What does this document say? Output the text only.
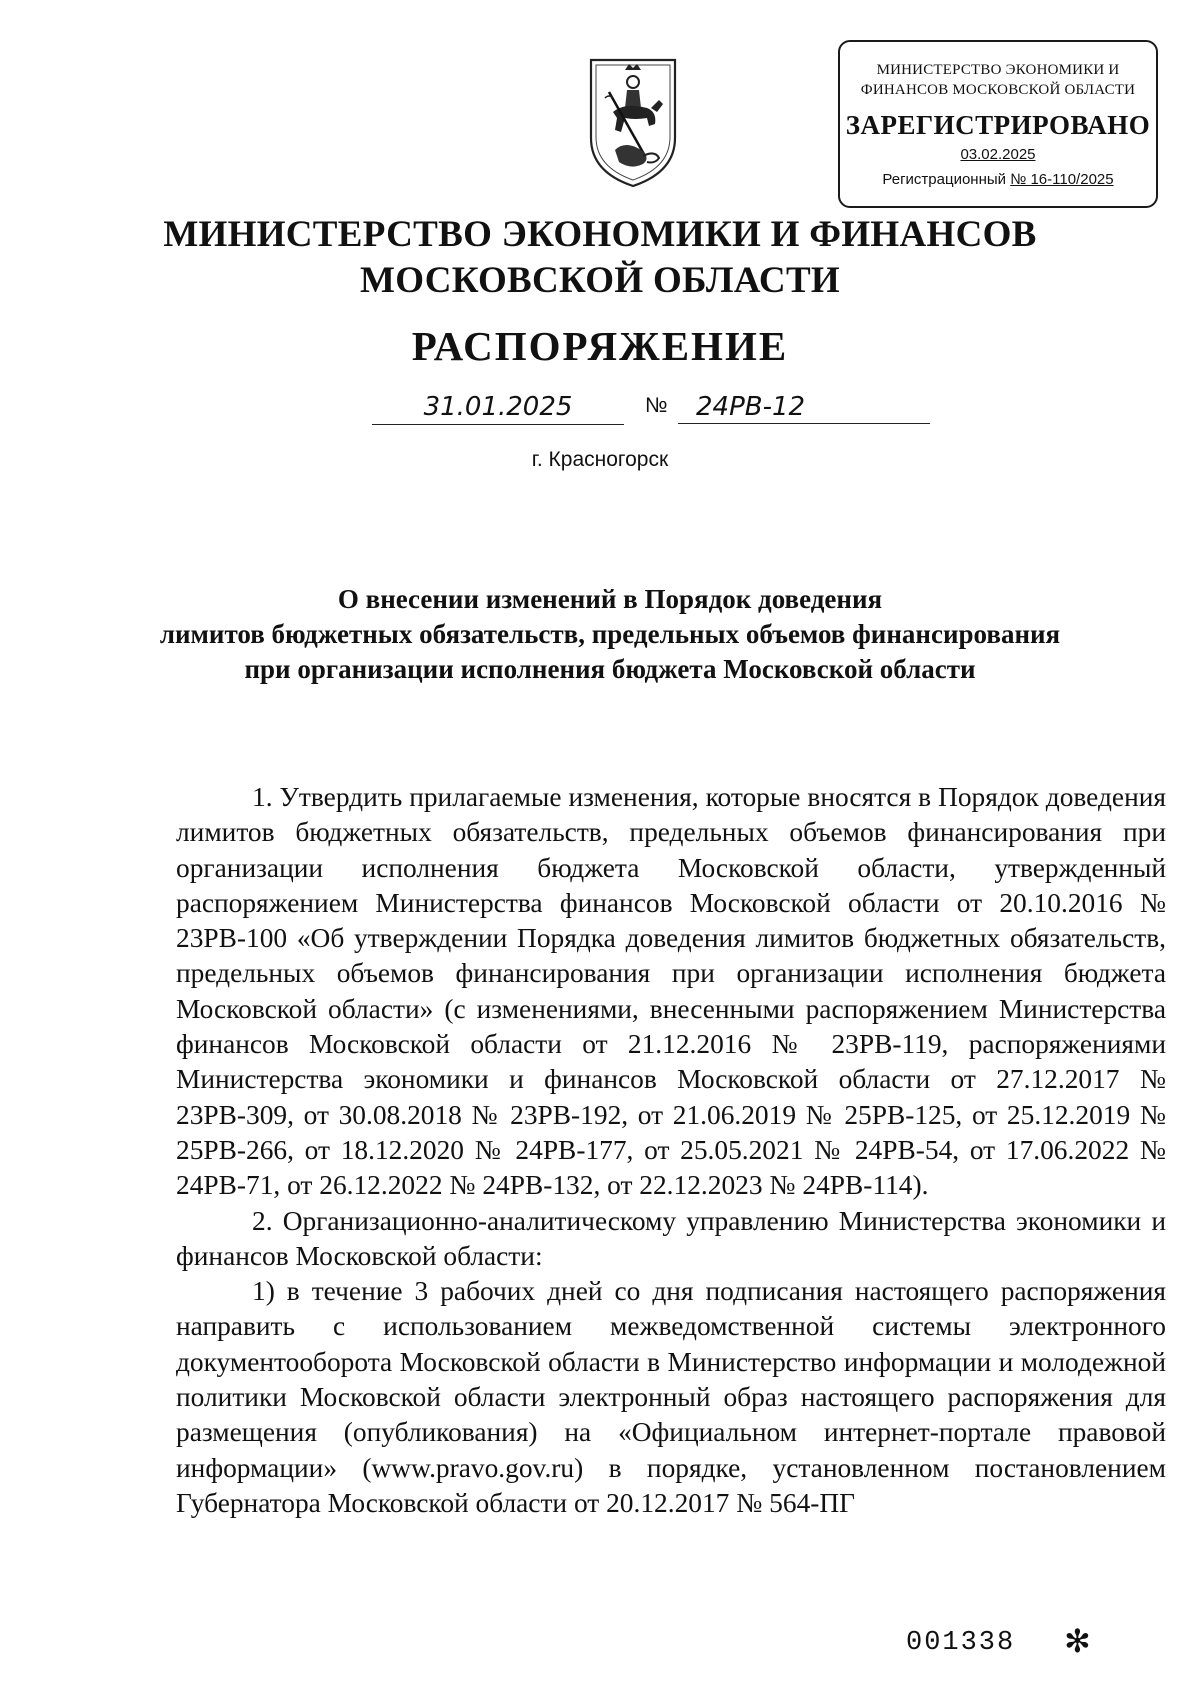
МИНИСТЕРСТВО ЭКОНОМИКИ И
ФИНАНСОВ МОСКОВСКОЙ ОБЛАСТИ
ЗАРЕГИСТРИРОВАНО
03.02.2025
Регистрационный № 16-110/2025
МИНИСТЕРСТВО ЭКОНОМИКИ И ФИНАНСОВ
МОСКОВСКОЙ ОБЛАСТИ
РАСПОРЯЖЕНИЕ
31.01.2025	№	24РВ-12
г. Красногорск
О внесении изменений в Порядок доведения
лимитов бюджетных обязательств, предельных объемов финансирования
при организации исполнения бюджета Московской области

1. Утвердить прилагаемые изменения, которые вносятся в Порядок доведения лимитов бюджетных обязательств, предельных объемов финансирования при организации исполнения бюджета Московской области, утвержденный распоряжением Министерства финансов Московской области от 20.10.2016 № 23РВ-100 «Об утверждении Порядка доведения лимитов бюджетных обязательств, предельных объемов финансирования при организации исполнения бюджета Московской области» (с изменениями, внесенными распоряжением Министерства финансов Московской области от 21.12.2016 № 23РВ-119, распоряжениями Министерства экономики и финансов Московской области от 27.12.2017 № 23РВ-309, от 30.08.2018 № 23РВ-192, от 21.06.2019 № 25РВ-125, от 25.12.2019 № 25РВ-266, от 18.12.2020 № 24РВ-177, от 25.05.2021 № 24РВ-54, от 17.06.2022 № 24РВ-71, от 26.12.2022 № 24РВ-132, от 22.12.2023 № 24РВ-114).

2. Организационно-аналитическому управлению Министерства экономики и финансов Московской области:

1) в течение 3 рабочих дней со дня подписания настоящего распоряжения направить с использованием межведомственной системы электронного документооборота Московской области в Министерство информации и молодежной политики Московской области электронный образ настоящего распоряжения для размещения (опубликования) на «Официальном интернет-портале правовой информации» (www.pravo.gov.ru) в порядке, установленном постановлением Губернатора Московской области от 20.12.2017 № 564-ПГ

001338 ✻
